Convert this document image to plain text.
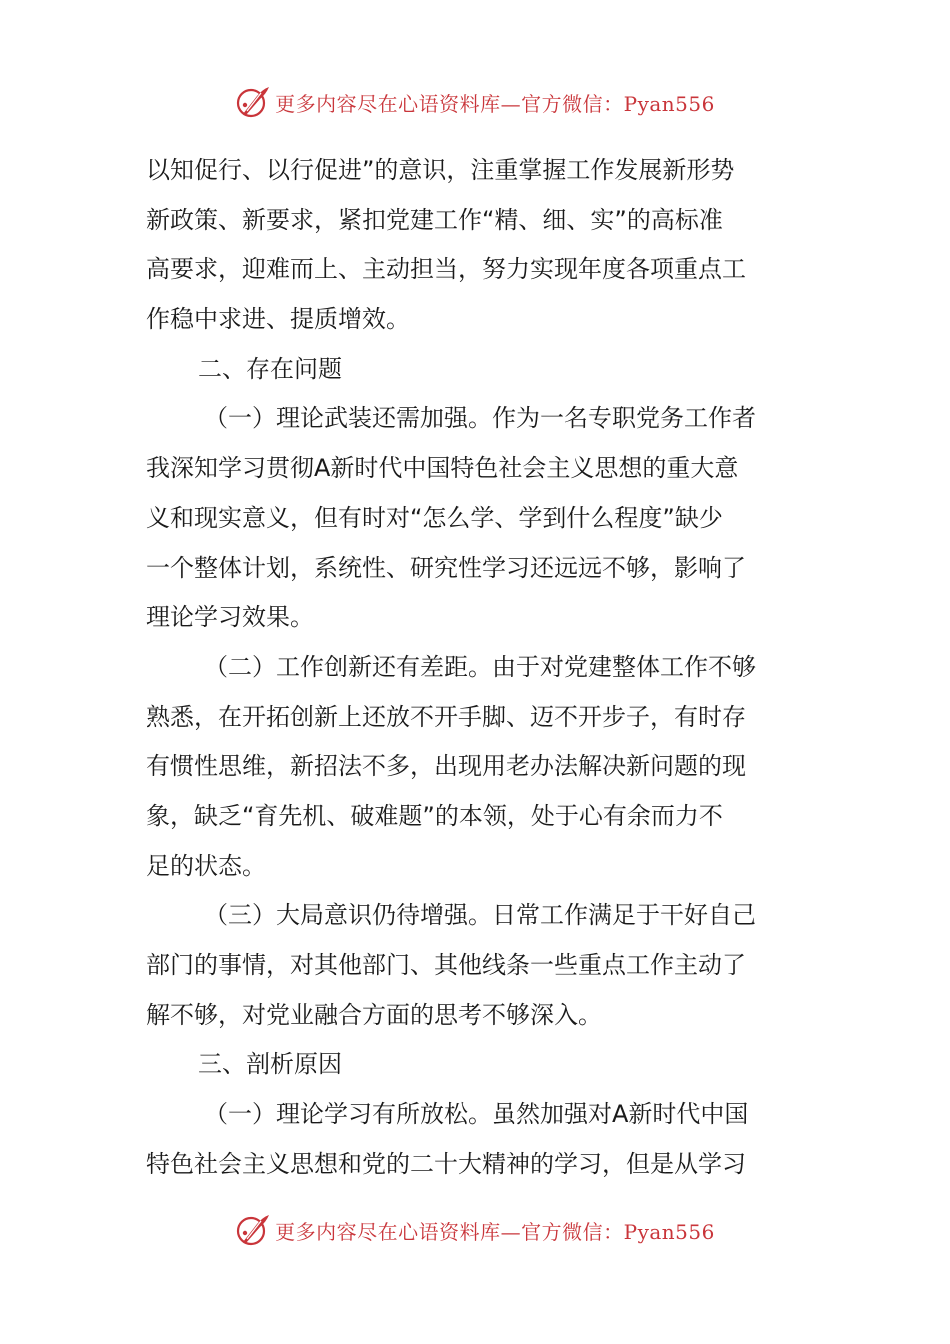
更多内容尽在心语资料库—官方微信：Pyan556
以知促行、以行促进”的意识，注重掌握工作发展新形势
新政策、新要求，紧扣党建工作“精、细、实”的高标准
高要求，迎难而上、主动担当，努力实现年度各项重点工
作稳中求进、提质增效。
二、存在问题
（一）理论武装还需加强。作为一名专职党务工作者
我深知学习贯彻A新时代中国特色社会主义思想的重大意
义和现实意义，但有时对“怎么学、学到什么程度”缺少
一个整体计划，系统性、研究性学习还远远不够，影响了
理论学习效果。
（二）工作创新还有差距。由于对党建整体工作不够
熟悉，在开拓创新上还放不开手脚、迈不开步子，有时存
有惯性思维，新招法不多，出现用老办法解决新问题的现
象，缺乏“育先机、破难题”的本领，处于心有余而力不
足的状态。
（三）大局意识仍待增强。日常工作满足于干好自己
部门的事情，对其他部门、其他线条一些重点工作主动了
解不够，对党业融合方面的思考不够深入。
三、剖析原因
（一）理论学习有所放松。虽然加强对A新时代中国
特色社会主义思想和党的二十大精神的学习，但是从学习
更多内容尽在心语资料库—官方微信：Pyan556
